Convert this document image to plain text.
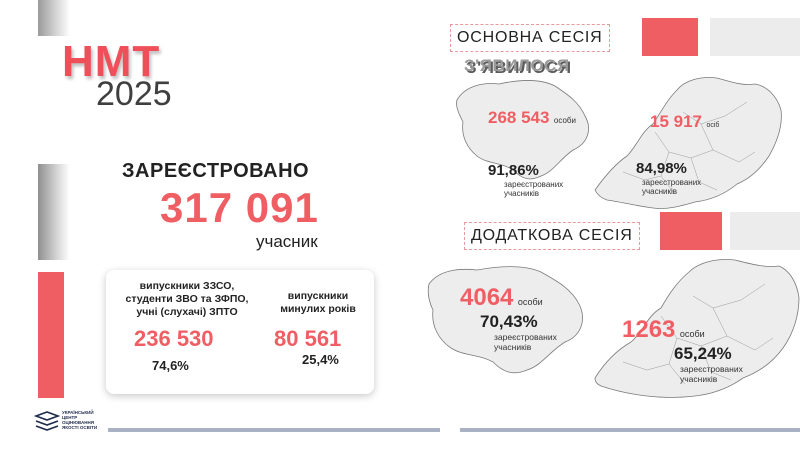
НМТ
2025
ЗАРЕЄСТРОВАНО
317 091
учасник
випускники ЗЗСО,
студенти ЗВО та ЗФПО,
учні (слухачі) ЗПТО
236 530
74,6%
випускники
минулих років
80 561
25,4%
ОСНОВНА СЕСІЯ
З'ЯВИЛОСЯ
268 543 особи
91,86%
зареєстрованих
учасників
15 917 осіб
84,98%
зареєстрованих
учасників
ДОДАТКОВА СЕСІЯ
4064 особи
70,43%
зареєстрованих
учасників
1263 особи
65,24%
зареєстрованих
учасників
УКРАЇНСЬКИЙ
ЦЕНТР
ОЦІНЮВАННЯ
ЯКОСТІ ОСВІТИ
